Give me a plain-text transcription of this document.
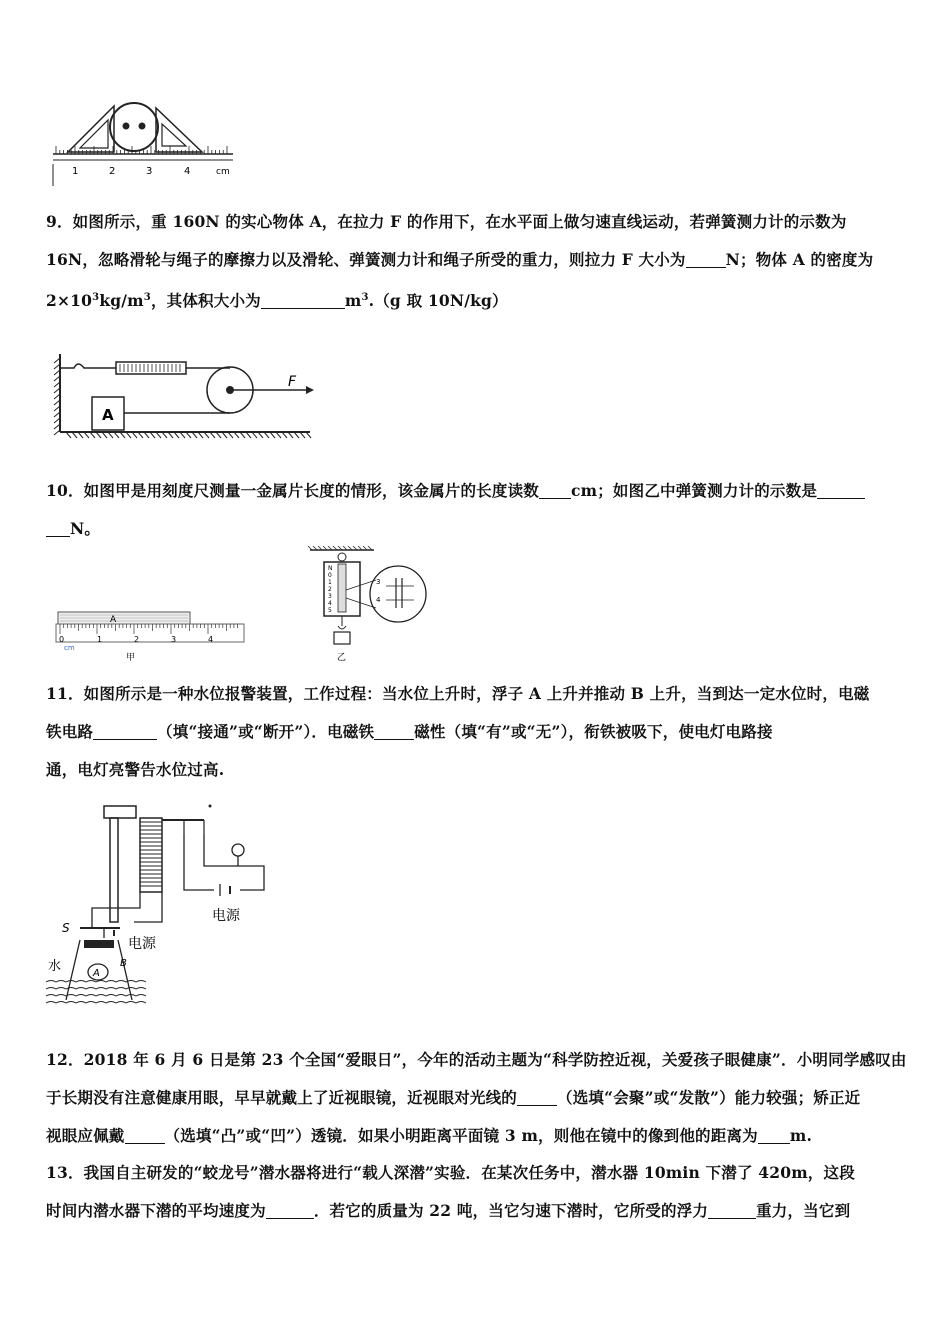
1	2	3	4	cm

9．如图所示，重 160N 的实心物体 A，在拉力 F 的作用下，在水平面上做匀速直线运动，若弹簧测力计的示数为

16N，忽略滑轮与绳子的摩擦力以及滑轮、弹簧测力计和绳子所受的重力，则拉力 F 大小为	N；物体 A 的密度为

$2\times 10^3kg/m^3$，其体积大小为	$m^3.(g$ 取 10N/kg）

F
A

10．如图甲是用刻度尺测量一金属片长度的情形，该金属片的长度读数 cm；如图乙中弹簧测力计的示数是

N。

A
0	1	2	3	4
cm
甲
N
0
1
2
3
4
5
乙
3
4

11．如图所示是一种水位报警装置，工作过程：当水位上升时，浮子 A 上升并推动 B 上升，当到达一定水位时，电磁

铁电路	（填“接通”或“断开”）．电磁铁	磁性（填“有”或“无”），衔铁被吸下，使电灯电路接

通，电灯亮警告水位过高.

电源
电源
S
A
B
水

12．2018 年 6 月 6 日是第 23 个全国“爱眼日”，今年的活动主题为“科学防控近视，关爱孩子眼健康”．小明同学感叹由

于长期没有注意健康用眼，早早就戴上了近视眼镜，近视眼对光线的	（选填“会聚”或“发散”）能力较强；矫正近

视眼应佩戴	（选填“凸”或“凹”）透镜．如果小明距离平面镜 3 m，则他在镜中的像到他的距离为 m.

13．我国自主研发的“蛟龙号”潜水器将进行“载人深潜”实验．在某次任务中，潜水器 10min 下潜了 420m，这段

时间内潜水器下潜的平均速度为	．若它的质量为 22 吨，当它匀速下潜时，它所受的浮力	重力，当它到
